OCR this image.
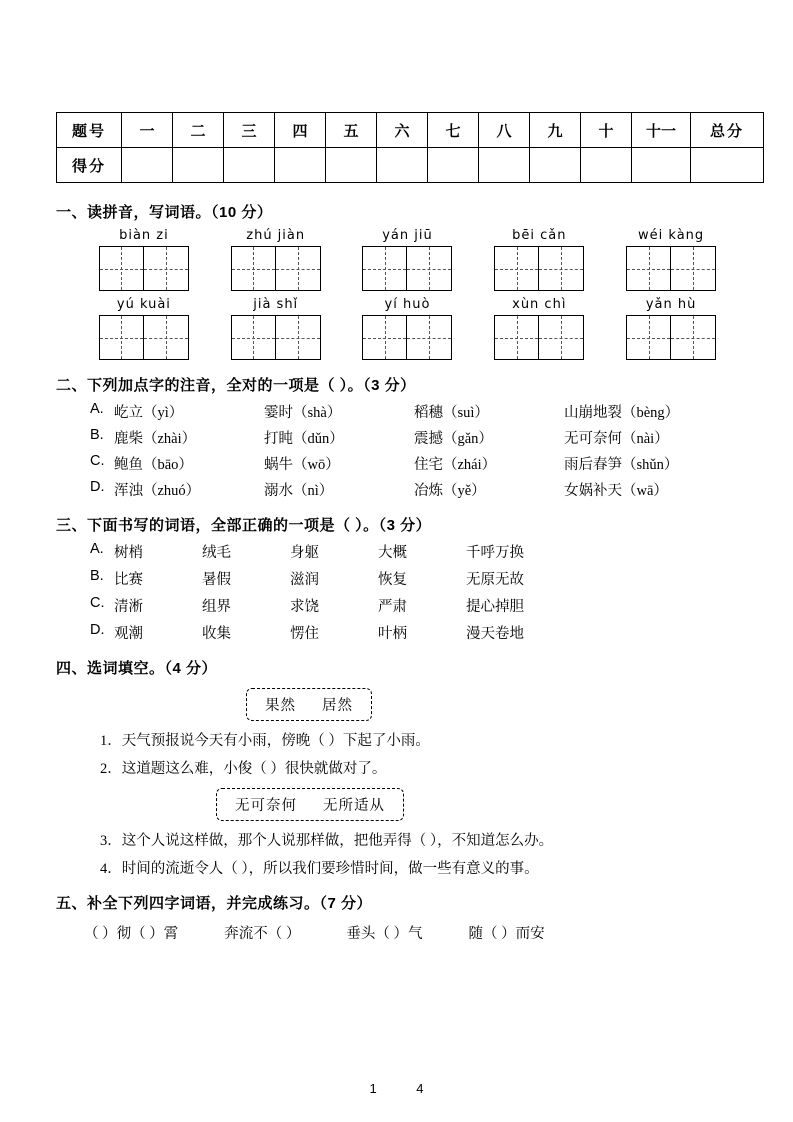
题号	一	二	三	四	五	六	七	八	九	十	十一	总分
得分												
一、读拼音，写词语。（10 分）
biàn zi	zhú jiàn	yán jiū	bēi cǎn	wéi kàng
yú kuài	jià shǐ	yí huò	xùn chì	yǎn hù
二、下列加点字的注音，全对的一项是（ ）。（3 分）
A. 屹立（yì）	霎时（shà）	稻穗（suì）	山崩地裂（bèng）
B. 鹿柴（zhài）	打盹（dǔn）	震撼（gǎn）	无可奈何（nài）
C. 鲍鱼（bāo）	蜗牛（wō）	住宅（zhái）	雨后春笋（shǔn）
D. 浑浊（zhuó）	溺水（nì）	冶炼（yě）	女娲补天（wā）
三、下面书写的词语，全部正确的一项是（ ）。（3 分）
A. 树梢	绒毛	身躯	大概	千呼万换
B. 比赛	暑假	滋润	恢复	无原无故
C. 清淅	组界	求饶	严肃	提心掉胆
D. 观潮	收集	愣住	叶柄	漫天卷地
四、选词填空。（4 分）
果然 居然
1．天气预报说今天有小雨，傍晚（ ）下起了小雨。
2．这道题这么难，小俊（ ）很快就做对了。
无可奈何 无所适从
3．这个人说这样做，那个人说那样做，把他弄得（ ），不知道怎么办。
4．时间的流逝令人（ ），所以我们要珍惜时间，做一些有意义的事。
五、补全下列四字词语，并完成练习。（7 分）
（ ）彻（ ）霄	奔流不（ ）	垂头（ ）气	随（ ）而安
1 4
